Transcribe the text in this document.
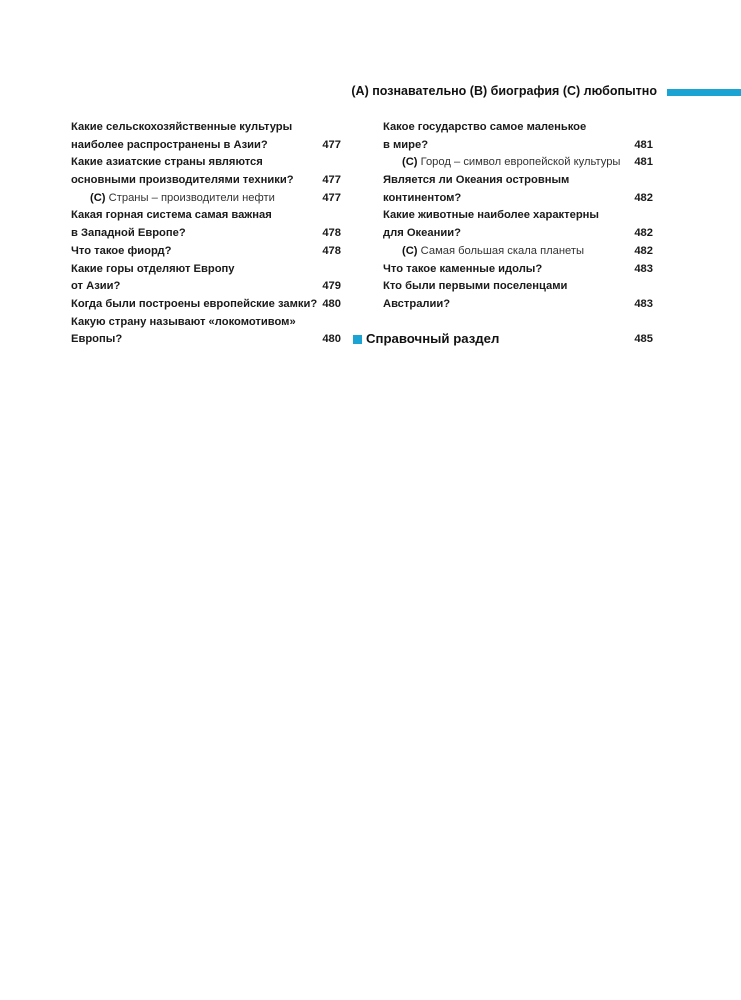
(A) познавательно (B) биография (C) любопытно
Какие сельскохозяйственные культуры
наиболее распространены в Азии?	477
Какие азиатские страны являются
основными производителями техники?	477
(C) Страны – производители нефти	477
Какая горная система самая важная
в Западной Европе?	478
Что такое фиорд?	478
Какие горы отделяют Европу
от Азии?	479
Когда были построены европейские замки? 480
Какую страну называют «локомотивом»
Европы?	480
Какое государство самое маленькое
в мире?	481
(C) Город – символ европейской культуры 481
Является ли Океания островным
континентом?	482
Какие животные наиболее характерны
для Океании?	482
(C) Самая большая скала планеты	482
Что такое каменные идолы?	483
Кто были первыми поселенцами
Австралии?	483
Справочный раздел	485
